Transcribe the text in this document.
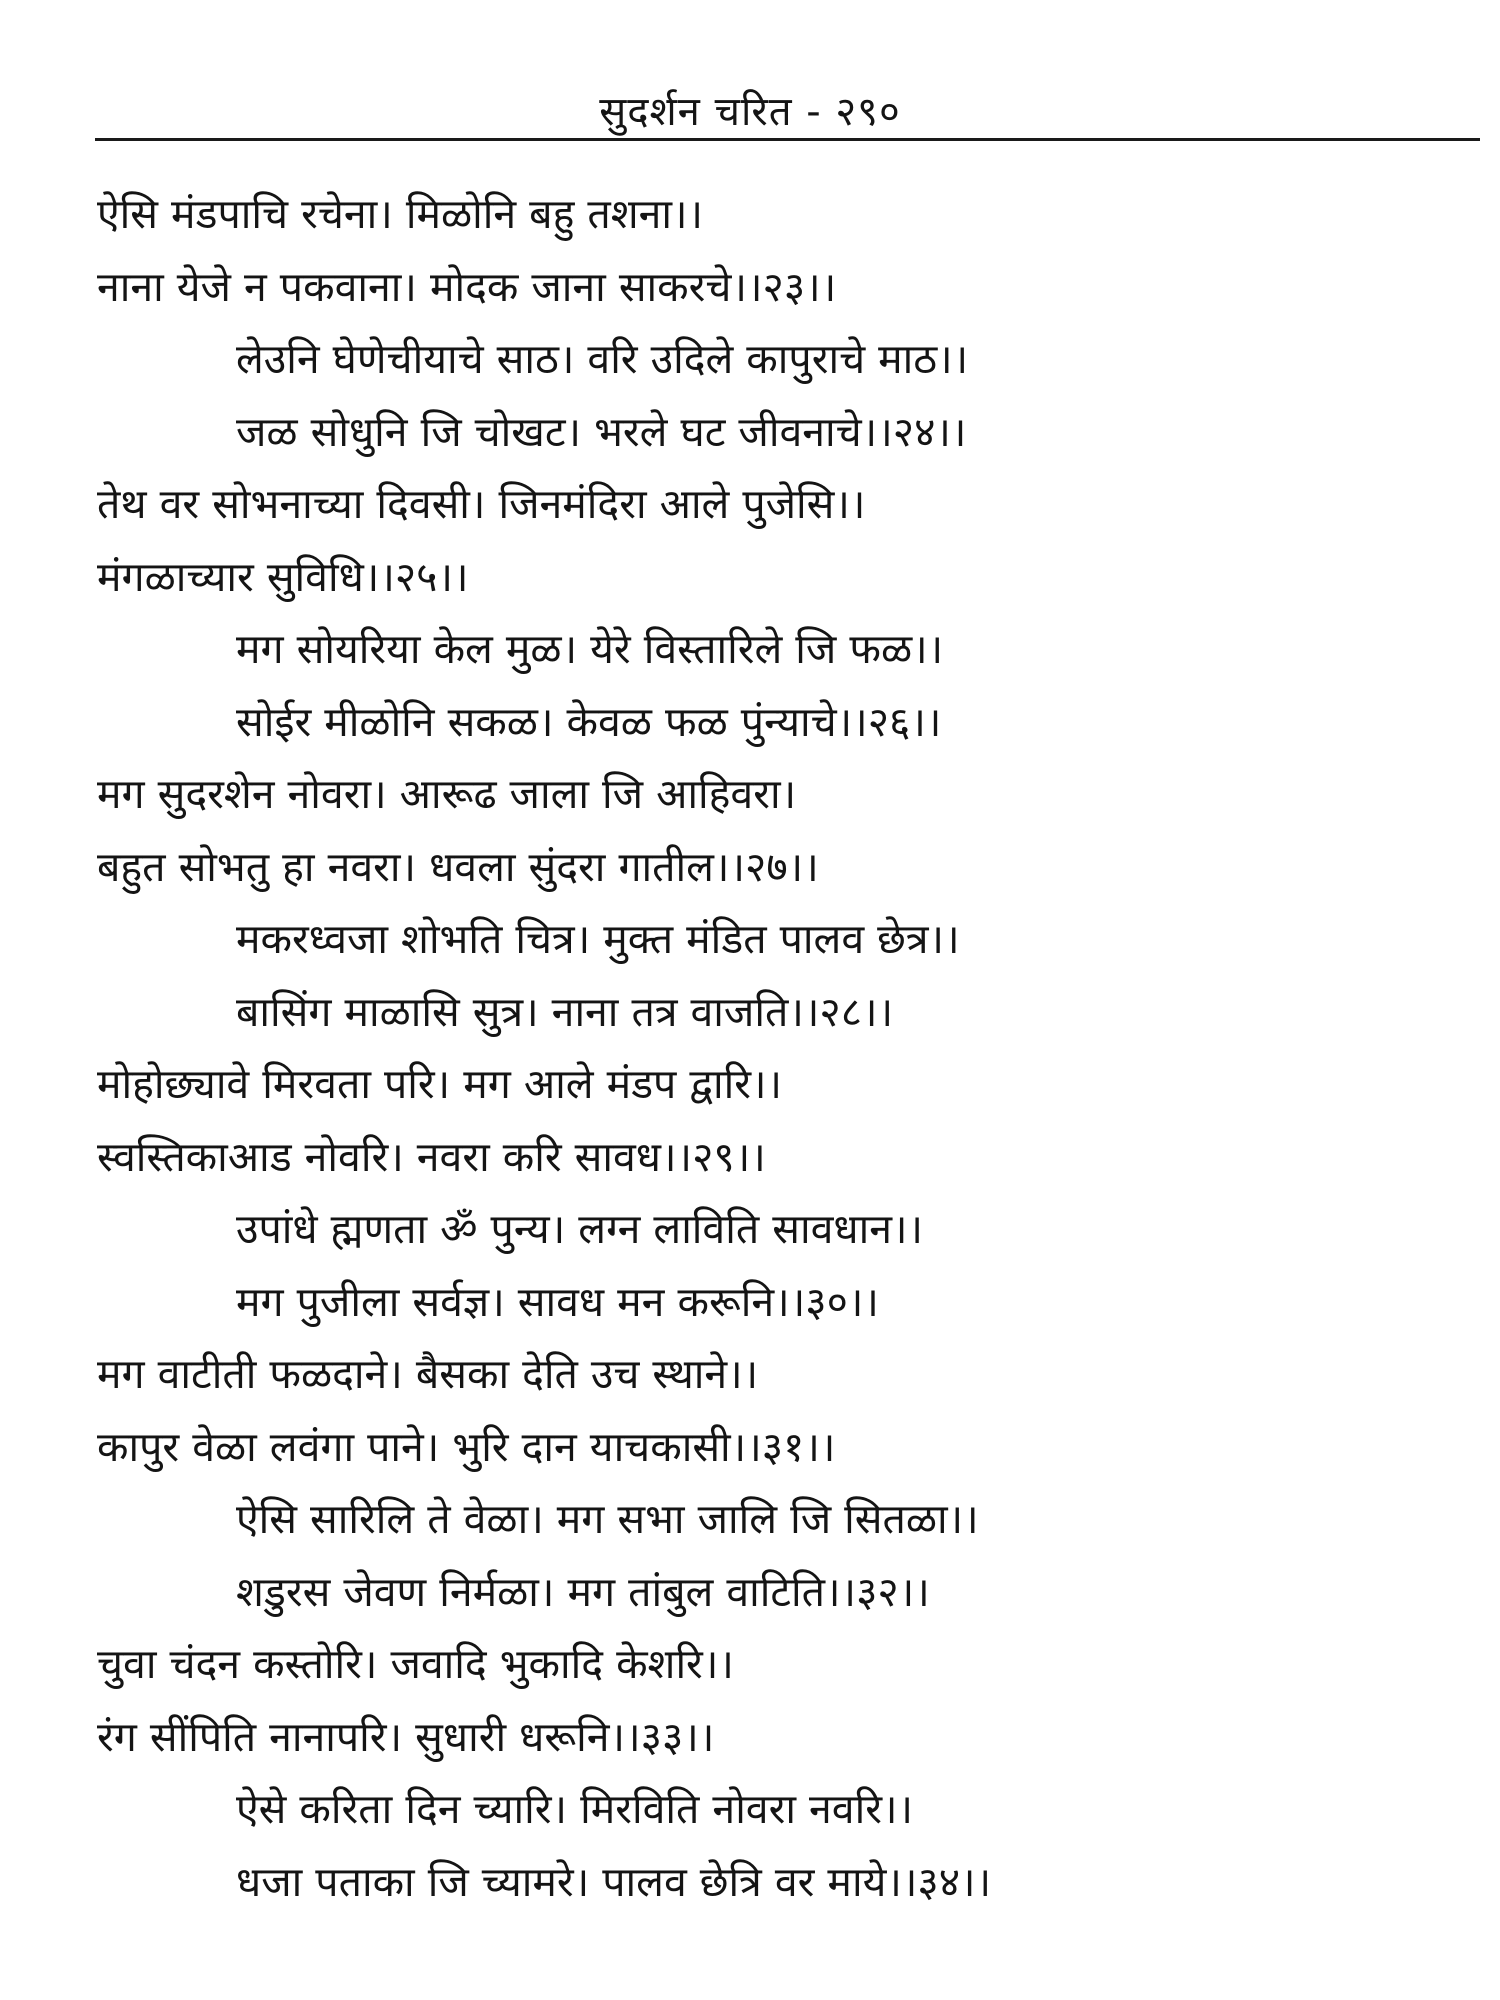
सुदर्शन चरित - २९०
ऐसि मंडपाचि रचेना। मिळोनि बहु तशना।।
नाना येजे न पकवाना। मोदक जाना साकरचे।।२३।।
लेउनि घेणेचीयाचे साठ। वरि उदिले कापुराचे माठ।।
जळ सोधुनि जि चोखट। भरले घट जीवनाचे।।२४।।
तेथ वर सोभनाच्या दिवसी। जिनमंदिरा आले पुजेसि।।
मंगळाच्यार सुविधि।।२५।।
मग सोयरिया केल मुळ। येरे विस्तारिले जि फळ।।
सोईर मीळोनि सकळ। केवळ फळ पुंन्याचे।।२६।।
मग सुदरशेन नोवरा। आरूढ जाला जि आहिवरा।
बहुत सोभतु हा नवरा। धवला सुंदरा गातील।।२७।।
मकरध्वजा शोभति चित्र। मुक्त मंडित पालव छेत्र।।
बासिंग माळासि सुत्र। नाना तत्र वाजति।।२८।।
मोहोछ्यावे मिरवता परि। मग आले मंडप द्वारि।।
स्वस्तिकाआड नोवरि। नवरा करि सावध।।२९।।
उपांधे ह्मणता ॐ पुन्य। लग्न लाविति सावधान।।
मग पुजीला सर्वज्ञ। सावध मन करूनि।।३०।।
मग वाटीती फळदाने। बैसका देति उच स्थाने।।
कापुर वेळा लवंगा पाने। भुरि दान याचकासी।।३१।।
ऐसि सारिलि ते वेळा। मग सभा जालि जि सितळा।।
शडुरस जेवण निर्मळा। मग तांबुल वाटिति।।३२।।
चुवा चंदन कस्तोरि। जवादि भुकादि केशरि।।
रंग सींपिति नानापरि। सुधारी धरूनि।।३३।।
ऐसे करिता दिन च्यारि। मिरविति नोवरा नवरि।।
धजा पताका जि च्यामरे। पालव छेत्रि वर माये।।३४।।
